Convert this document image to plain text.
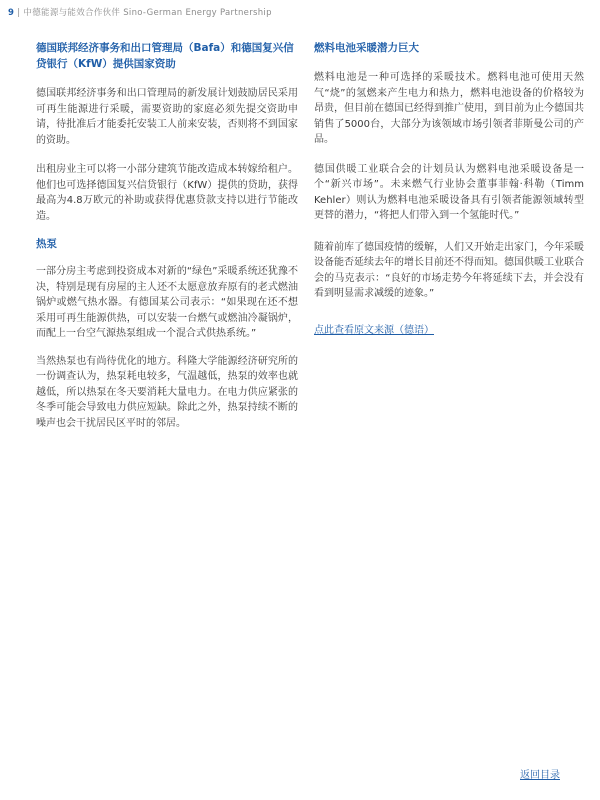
9 | 中德能源与能效合作伙伴 Sino-German Energy Partnership
德国联邦经济事务和出口管理局（Bafa）和德国复兴信贷银行（KfW）提供国家资助

德国联邦经济事务和出口管理局的新发展计划鼓励居民采用可再生能源进行采暖，需要资助的家庭必须先提交资助申请，待批准后才能委托安装工人前来安装，否则将不到国家的资助。

出租房业主可以将一小部分建筑节能改造成本转嫁给租户。他们也可选择德国复兴信贷银行（KfW）提供的贷助，获得最高为4.8万欧元的补助或获得优惠贷款支持以进行节能改造。

热泵

一部分房主考虑到投资成本对新的“绿色”采暖系统还犹豫不决，特别是现有房屋的主人还不太愿意放弃原有的老式燃油锅炉或燃气热水器。有德国某公司表示：“如果现在还不想采用可再生能源供热，可以安装一台燃气或燃油冷凝锅炉，而配上一台空气源热泵组成一个混合式供热系统。”

当然热泵也有尚待优化的地方。科隆大学能源经济研究所的一份调查认为，热泵耗电较多，气温越低，热泵的效率也就越低，所以热泵在冬天要消耗大量电力。在电力供应紧张的冬季可能会导致电力供应短缺。除此之外，热泵持续不断的噪声也会干扰居民区平时的邻居。

燃料电池采暖潜力巨大

燃料电池是一种可选择的采暖技术。燃料电池可使用天然气“烧”的氢燃来产生电力和热力，燃料电池设备的价格较为昂贵，但目前在德国已经得到推广使用，到目前为止今德国共销售了5000台，大部分为该领域市场引领者菲斯曼公司的产品。

德国供暖工业联合会的计划员认为燃料电池采暖设备是一个“新兴市场”。未来燃气行业协会董事菲翰·科勒（Timm Kehler）则认为燃料电池采暖设备具有引领者能源领域转型更替的潜力，“将把人们带入到一个氢能时代。”

随着前库了德国疫情的缓解，人们又开始走出家门，今年采暖设备能否延续去年的增长目前还不得而知。德国供暖工业联合会的马克表示：“良好的市场走势今年将延续下去，并会没有看到明显需求减缓的迹象。”

点此查看原文来源（德语）
返回目录
